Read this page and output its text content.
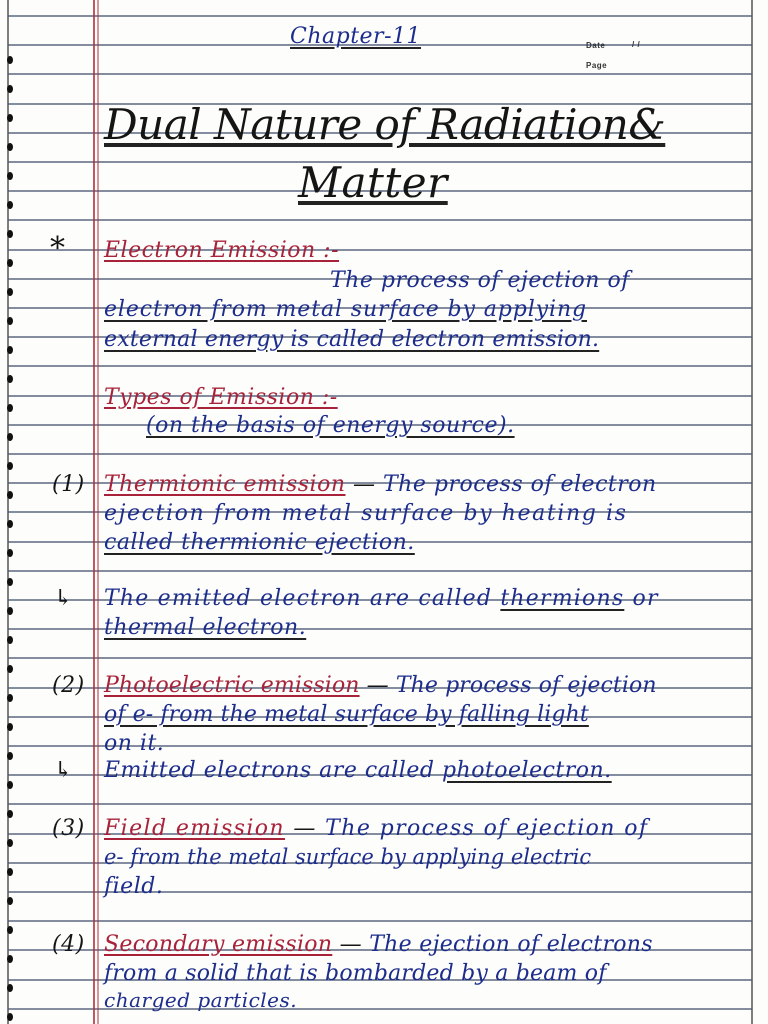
Chapter-11	Date	/ /
Page
Dual Nature of Radiation&
Matter
* Electron Emission :-
The process of ejection of
electron from metal surface by applying
external energy is called electron emission.
Types of Emission :-
(on the basis of energy source).
(1) Thermionic emission — The process of electron
ejection from metal surface by heating is
called thermionic ejection.
↳ The emitted electron are called thermions or
thermal electron.
(2) Photoelectric emission — The process of ejection
of e- from the metal surface by falling light
on it.
↳ Emitted electrons are called photoelectron.
(3) Field emission — The process of ejection of
e- from the metal surface by applying electric
field.
(4) Secondary emission — The ejection of electrons
from a solid that is bombarded by a beam of
charged particles.
